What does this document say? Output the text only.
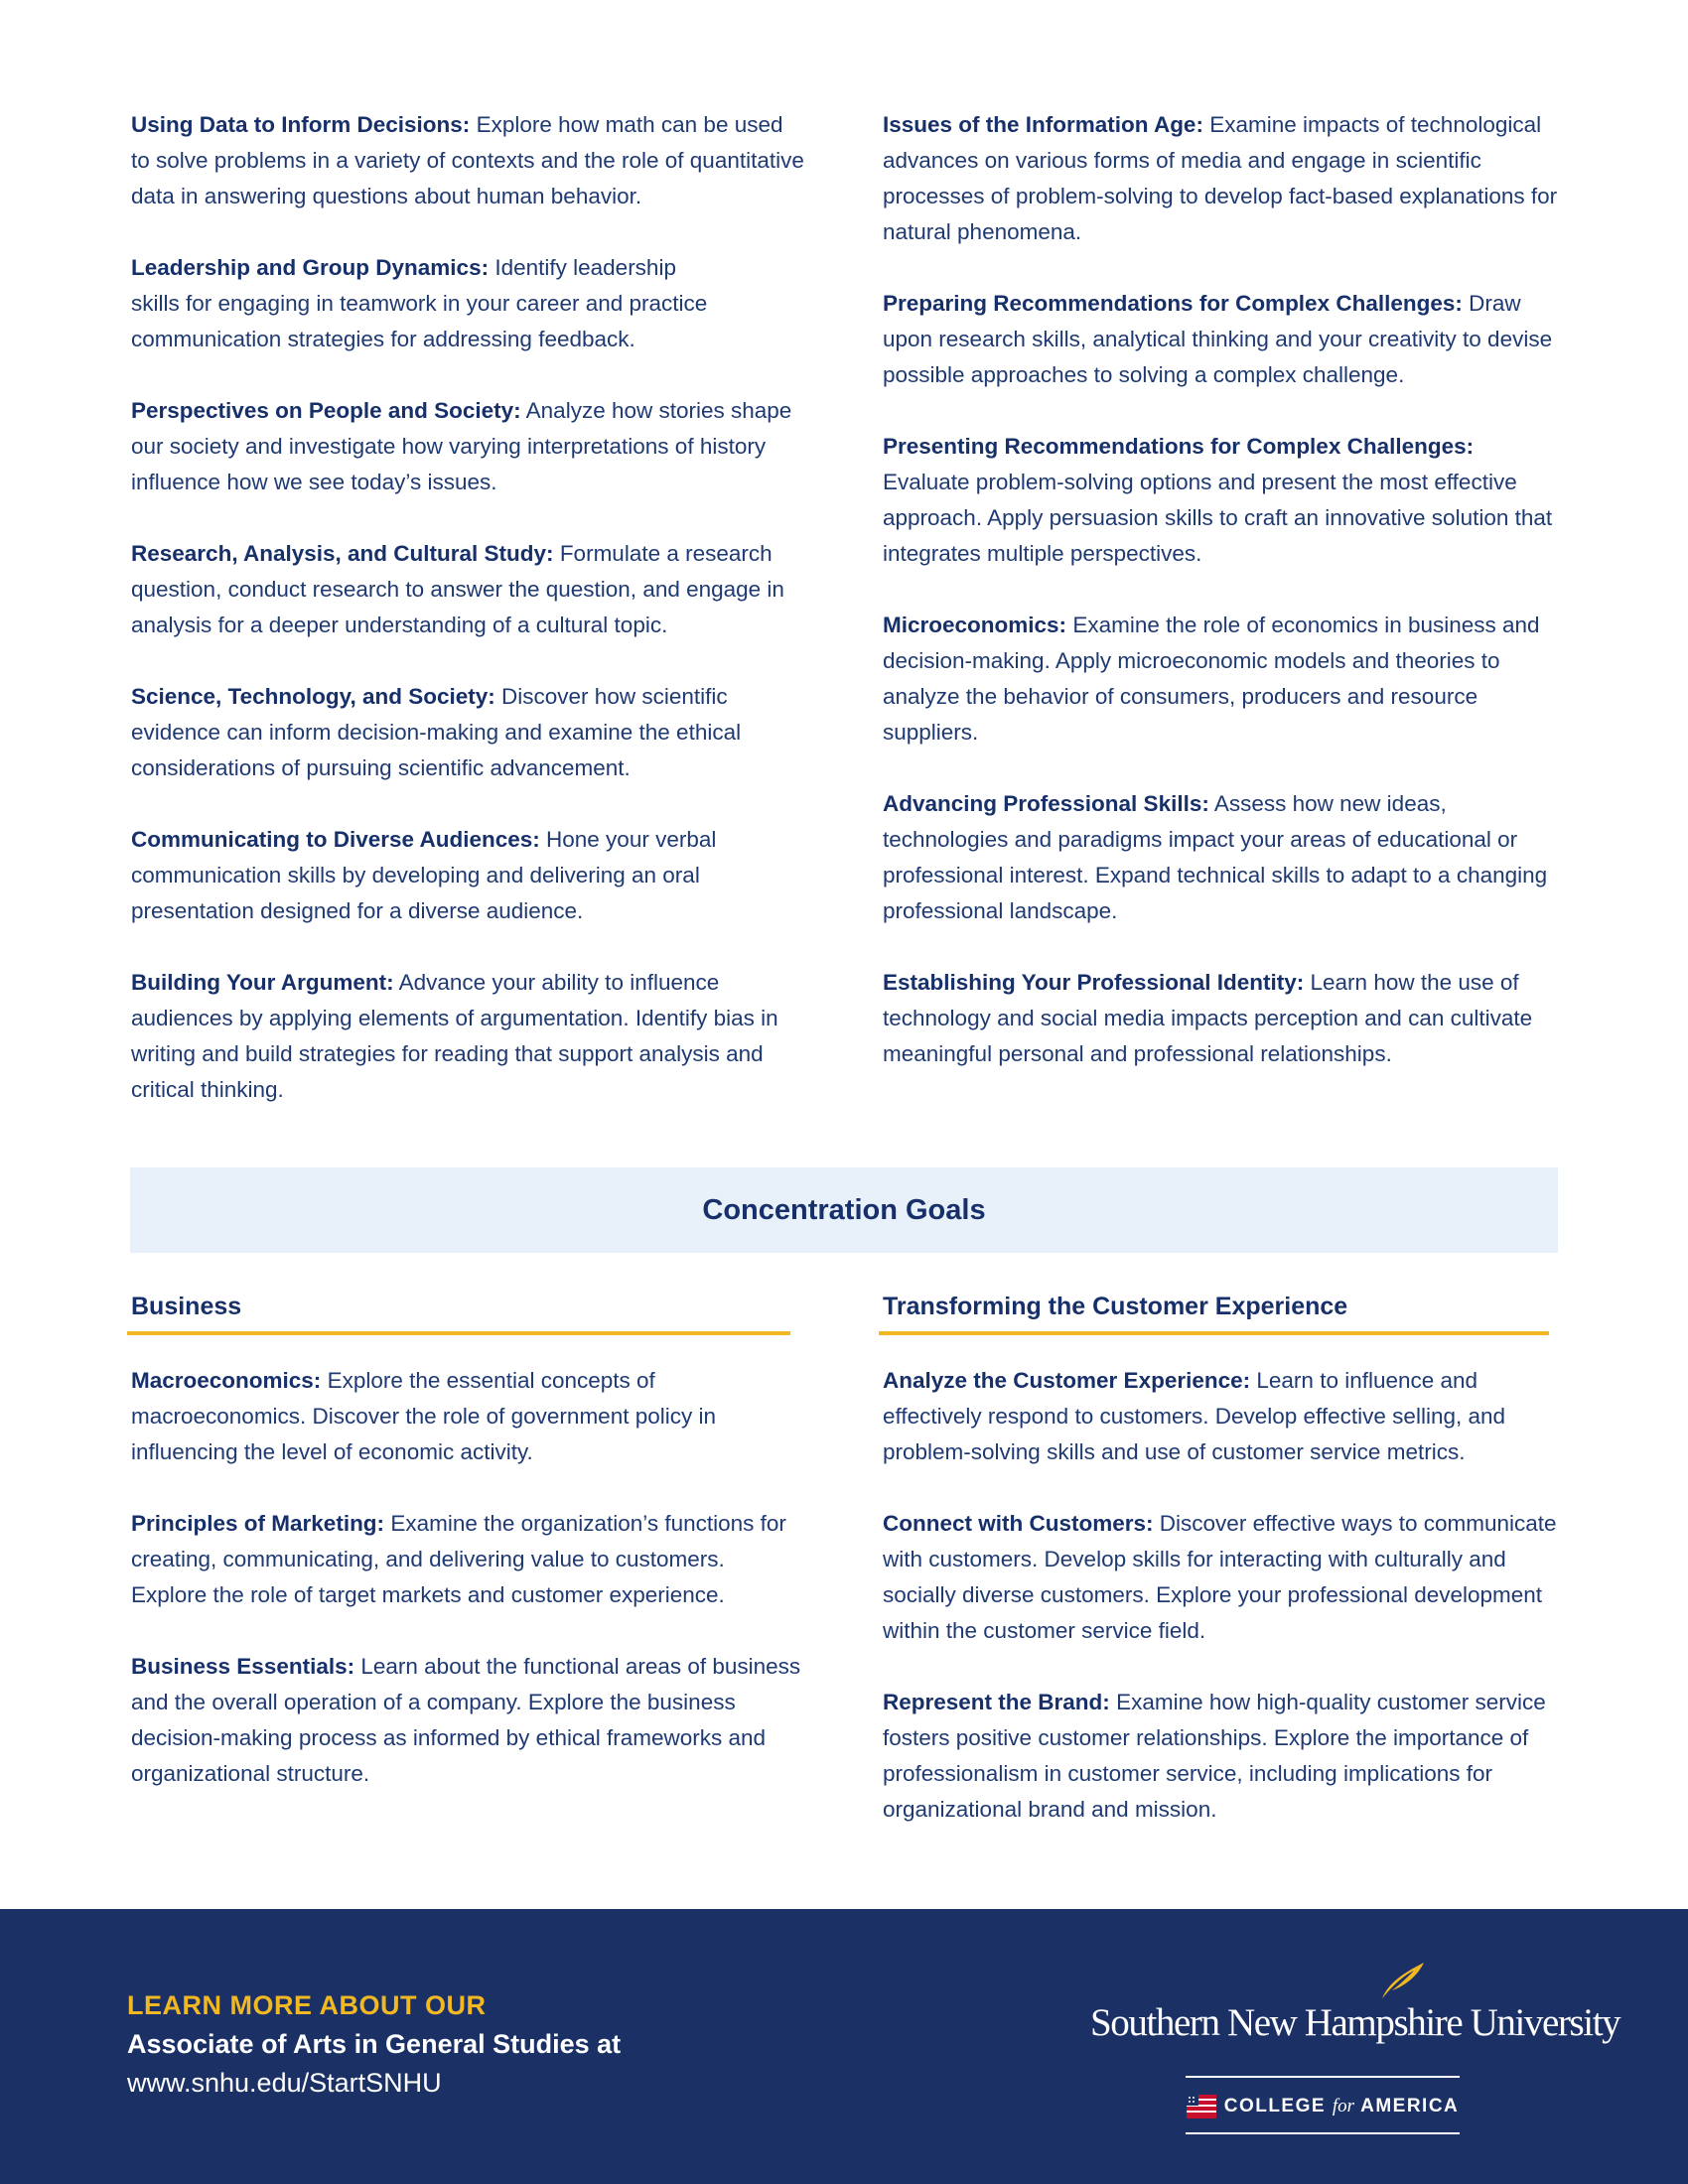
Using Data to Inform Decisions: Explore how math can be used to solve problems in a variety of contexts and the role of quantitative data in answering questions about human behavior.

Leadership and Group Dynamics: Identify leadership skills for engaging in teamwork in your career and practice communication strategies for addressing feedback.

Perspectives on People and Society: Analyze how stories shape our society and investigate how varying interpretations of history influence how we see today’s issues.

Research, Analysis, and Cultural Study: Formulate a research question, conduct research to answer the question, and engage in analysis for a deeper understanding of a cultural topic.

Science, Technology, and Society: Discover how scientific evidence can inform decision-making and examine the ethical considerations of pursuing scientific advancement.

Communicating to Diverse Audiences: Hone your verbal communication skills by developing and delivering an oral presentation designed for a diverse audience.

Building Your Argument: Advance your ability to influence audiences by applying elements of argumentation. Identify bias in writing and build strategies for reading that support analysis and critical thinking.

Issues of the Information Age: Examine impacts of technological advances on various forms of media and engage in scientific processes of problem-solving to develop fact-based explanations for natural phenomena.

Preparing Recommendations for Complex Challenges: Draw upon research skills, analytical thinking and your creativity to devise possible approaches to solving a complex challenge.

Presenting Recommendations for Complex Challenges: Evaluate problem-solving options and present the most effective approach. Apply persuasion skills to craft an innovative solution that integrates multiple perspectives.

Microeconomics: Examine the role of economics in business and decision-making. Apply microeconomic models and theories to analyze the behavior of consumers, producers and resource suppliers.

Advancing Professional Skills: Assess how new ideas, technologies and paradigms impact your areas of educational or professional interest. Expand technical skills to adapt to a changing professional landscape.

Establishing Your Professional Identity: Learn how the use of technology and social media impacts perception and can cultivate meaningful personal and professional relationships.

Concentration Goals
Business	Transforming the Customer Experience

Macroeconomics: Explore the essential concepts of macroeconomics. Discover the role of government policy in influencing the level of economic activity.

Principles of Marketing: Examine the organization’s functions for creating, communicating, and delivering value to customers. Explore the role of target markets and customer experience.

Business Essentials: Learn about the functional areas of business and the overall operation of a company. Explore the business decision-making process as informed by ethical frameworks and organizational structure.

Analyze the Customer Experience: Learn to influence and effectively respond to customers. Develop effective selling, and problem-solving skills and use of customer service metrics.

Connect with Customers: Discover effective ways to communicate with customers. Develop skills for interacting with culturally and socially diverse customers. Explore your professional development within the customer service field.

Represent the Brand: Examine how high-quality customer service fosters positive customer relationships. Explore the importance of professionalism in customer service, including implications for organizational brand and mission.

LEARN MORE ABOUT OUR
Associate of Arts in General Studies at
www.snhu.edu/StartSNHU
Southern New Hampshire University
COLLEGE for AMERICA
